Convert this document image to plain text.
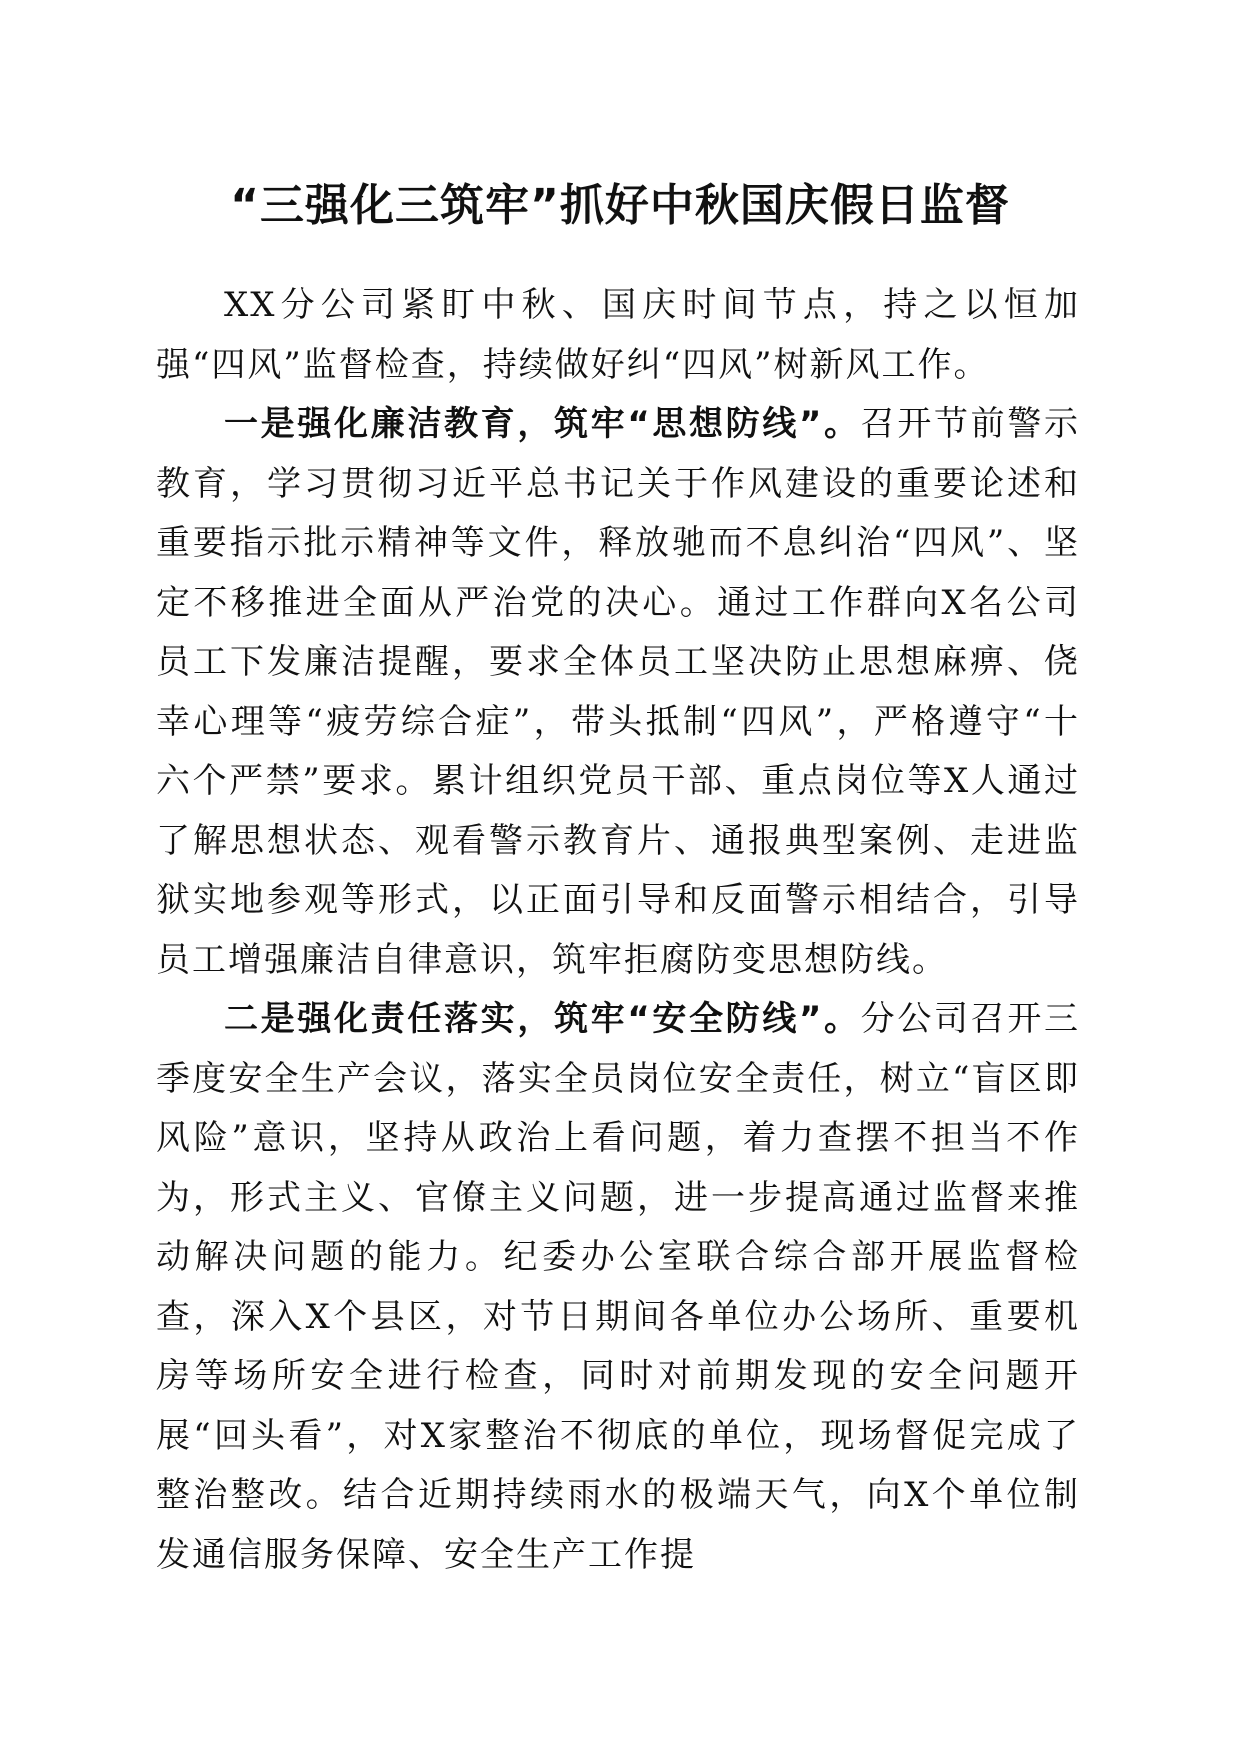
“三强化三筑牢”抓好中秋国庆假日监督

XX分公司紧盯中秋、国庆时间节点，持之以恒加强“四风”监督检查，持续做好纠“四风”树新风工作。

一是强化廉洁教育，筑牢“思想防线”。召开节前警示教育，学习贯彻习近平总书记关于作风建设的重要论述和重要指示批示精神等文件，释放驰而不息纠治“四风”、坚定不移推进全面从严治党的决心。通过工作群向X名公司员工下发廉洁提醒，要求全体员工坚决防止思想麻痹、侥幸心理等“疲劳综合症”，带头抵制“四风”，严格遵守“十六个严禁”要求。累计组织党员干部、重点岗位等X人通过了解思想状态、观看警示教育片、通报典型案例、走进监狱实地参观等形式，以正面引导和反面警示相结合，引导员工增强廉洁自律意识，筑牢拒腐防变思想防线。

二是强化责任落实，筑牢“安全防线”。分公司召开三季度安全生产会议，落实全员岗位安全责任，树立“盲区即风险”意识，坚持从政治上看问题，着力查摆不担当不作为，形式主义、官僚主义问题，进一步提高通过监督来推动解决问题的能力。纪委办公室联合综合部开展监督检查，深入X个县区，对节日期间各单位办公场所、重要机房等场所安全进行检查，同时对前期发现的安全问题开展“回头看”，对X家整治不彻底的单位，现场督促完成了整治整改。结合近期持续雨水的极端天气，向X个单位制发通信服务保障、安全生产工作提
